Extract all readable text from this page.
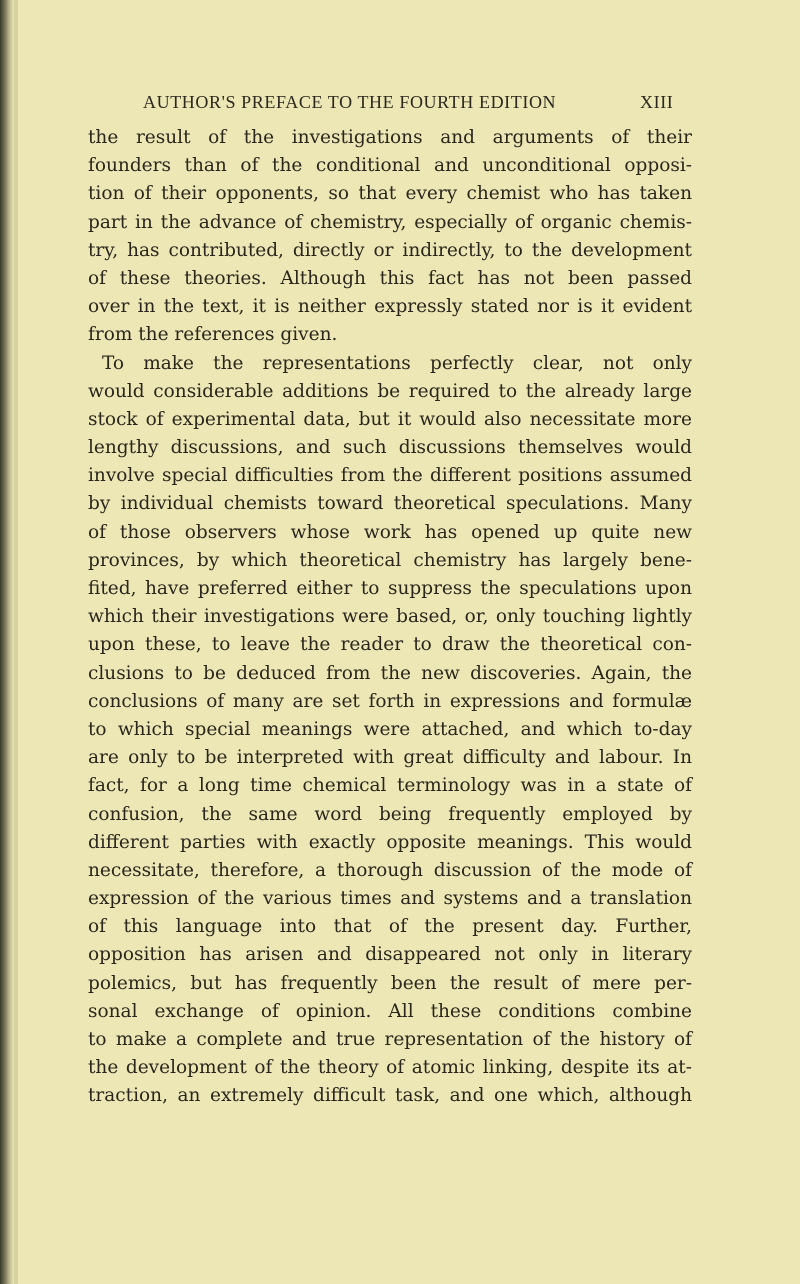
AUTHOR'S PREFACE TO THE FOURTH EDITION	XIII
the result of the investigations and arguments of their
founders than of the conditional and unconditional opposi-
tion of their opponents, so that every chemist who has taken
part in the advance of chemistry, especially of organic chemis-
try, has contributed, directly or indirectly, to the development
of these theories. Although this fact has not been passed
over in the text, it is neither expressly stated nor is it evident
from the references given.
To make the representations perfectly clear, not only
would considerable additions be required to the already large
stock of experimental data, but it would also necessitate more
lengthy discussions, and such discussions themselves would
involve special difficulties from the different positions assumed
by individual chemists toward theoretical speculations. Many
of those observers whose work has opened up quite new
provinces, by which theoretical chemistry has largely bene-
fited, have preferred either to suppress the speculations upon
which their investigations were based, or, only touching lightly
upon these, to leave the reader to draw the theoretical con-
clusions to be deduced from the new discoveries. Again, the
conclusions of many are set forth in expressions and formulæ
to which special meanings were attached, and which to-day
are only to be interpreted with great difficulty and labour. In
fact, for a long time chemical terminology was in a state of
confusion, the same word being frequently employed by
different parties with exactly opposite meanings. This would
necessitate, therefore, a thorough discussion of the mode of
expression of the various times and systems and a translation
of this language into that of the present day. Further,
opposition has arisen and disappeared not only in literary
polemics, but has frequently been the result of mere per-
sonal exchange of opinion. All these conditions combine
to make a complete and true representation of the history of
the development of the theory of atomic linking, despite its at-
traction, an extremely difficult task, and one which, although
